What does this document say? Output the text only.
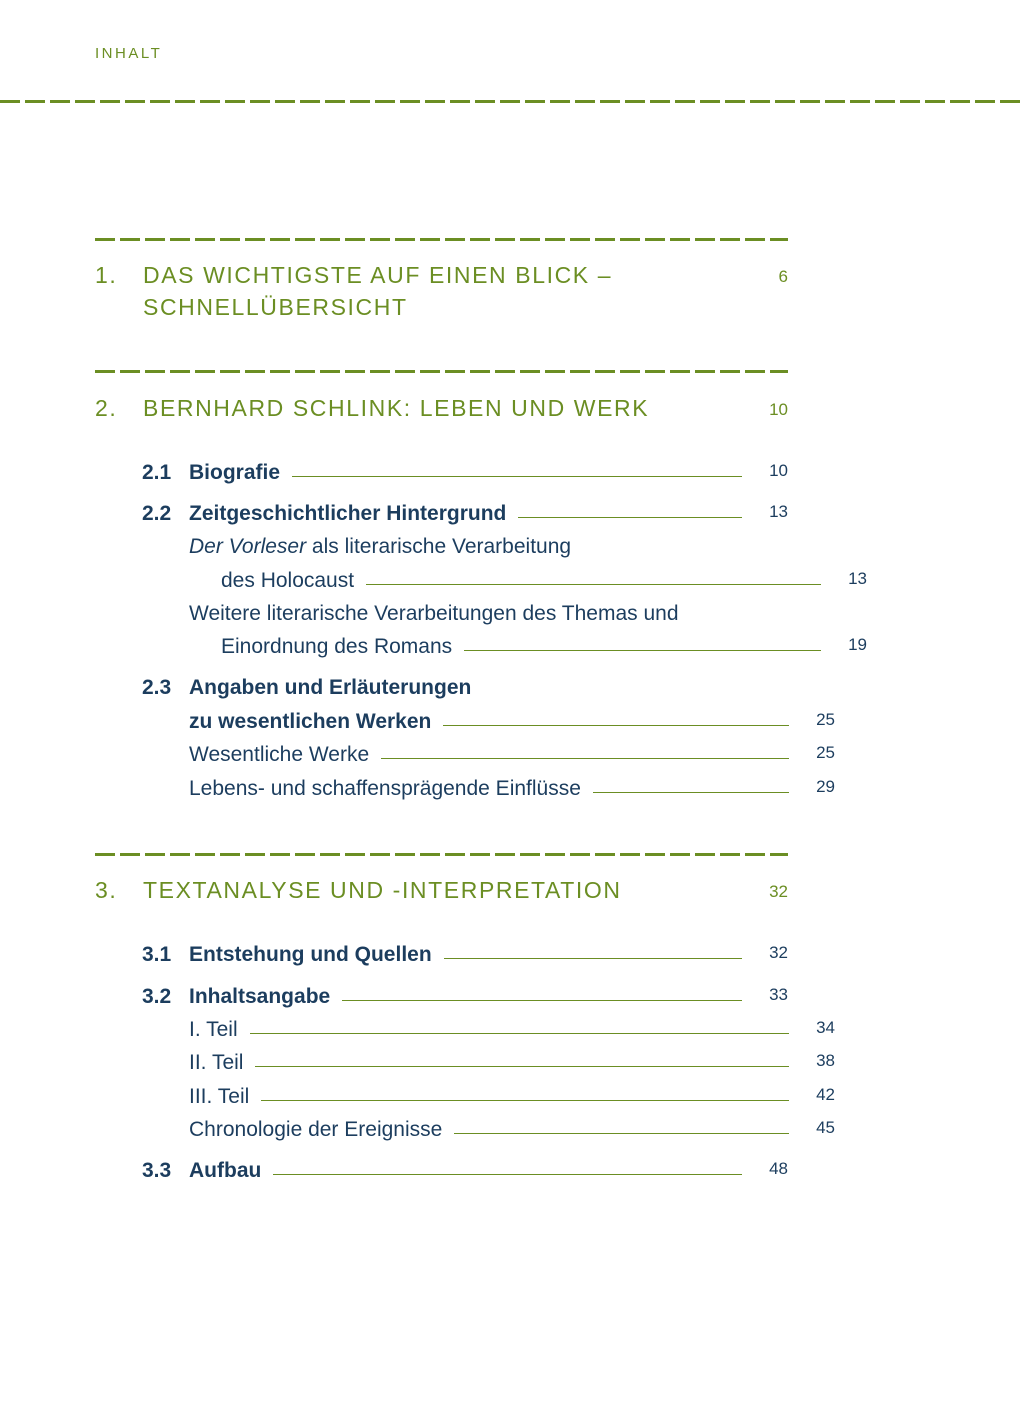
INHALT
1. DAS WICHTIGSTE AUF EINEN BLICK –
SCHNELLÜBERSICHT
6
2. BERNHARD SCHLINK: LEBEN UND WERK	10
2.1 Biografie	10
2.2 Zeitgeschichtlicher Hintergrund	13
Der Vorleser als literarische Verarbeitung
des Holocaust	13
Weitere literarische Verarbeitungen des Themas und
Einordnung des Romans	19
2.3 Angaben und Erläuterungen
zu wesentlichen Werken	25
Wesentliche Werke	25
Lebens- und schaffensprägende Einflüsse	29
3. TEXTANALYSE UND -INTERPRETATION	32
3.1 Entstehung und Quellen	32
3.2 Inhaltsangabe	33
I. Teil	34
II. Teil	38
III. Teil	42
Chronologie der Ereignisse	45
3.3 Aufbau	48
